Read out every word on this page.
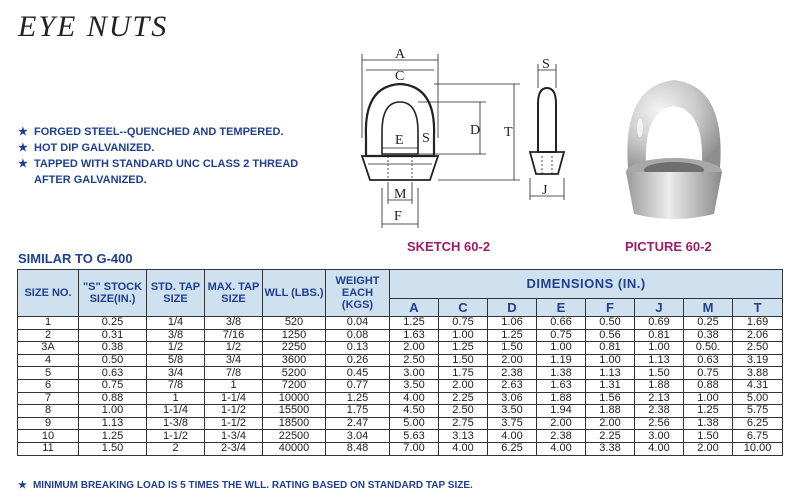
EYE NUTS
★ FORGED STEEL--QUENCHED AND TEMPERED.
★ HOT DIP GALVANIZED.
★ TAPPED WITH STANDARD UNC CLASS 2 THREAD
AFTER GALVANIZED.
A
C
D T
E S
M
F
S
J
SKETCH 60-2	PICTURE 60-2
SIMILAR TO G-400
SIZE NO.	"S" STOCK SIZE(IN.)	STD. TAP SIZE	MAX. TAP SIZE	WLL (LBS.)	WEIGHT EACH (KGS)	DIMENSIONS (IN.)							
						A	C	D	E	F	J	M	T
1	0.25	1/4	3/8	520	0.04	1.25	0.75	1.06	0.66	0.50	0.69	0.25	1.69
2	0.31	3/8	7/16	1250	0.08	1.63	1.00	1.25	0.75	0.56	0.81	0.38	2.06
3A	0.38	1/2	1/2	2250	0.13	2.00	1.25	1.50	1.00	0.81	1.00	0.50.	2.50
4	0.50	5/8	3/4	3600	0.26	2.50	1.50	2.00	1.19	1.00	1.13	0.63	3.19
5	0.63	3/4	7/8	5200	0.45	3.00	1.75	2.38	1.38	1.13	1.50	0.75	3.88
6	0.75	7/8	1	7200	0.77	3.50	2.00	2.63	1.63	1.31	1.88	0.88	4.31
7	0.88	1	1-1/4	10000	1.25	4.00	2.25	3.06	1.88	1.56	2.13	1.00	5.00
8	1.00	1-1/4	1-1/2	15500	1.75	4.50	2.50	3.50	1.94	1.88	2.38	1.25	5.75
9	1.13	1-3/8	1-1/2	18500	2.47	5.00	2.75	3.75	2.00	2.00	2.56	1.38	6.25
10	1.25	1-1/2	1-3/4	22500	3.04	5.63	3.13	4.00	2.38	2.25	3.00	1.50	6.75
11	1.50	2	2-3/4	40000	8.48	7.00	4.00	6.25	4.00	3.38	4.00	2.00	10.00
★ MINIMUM BREAKING LOAD IS 5 TIMES THE WLL. RATING BASED ON STANDARD TAP SIZE.
